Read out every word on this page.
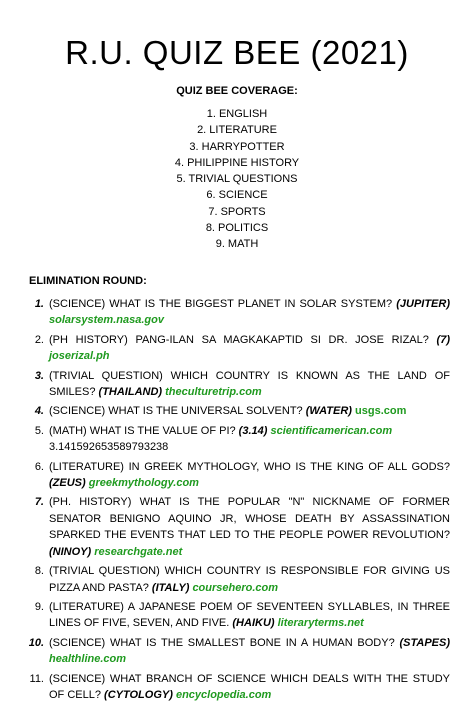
R.U. QUIZ BEE (2021)
QUIZ BEE COVERAGE:
1. ENGLISH
2. LITERATURE
3. HARRYPOTTER
4. PHILIPPINE HISTORY
5. TRIVIAL QUESTIONS
6. SCIENCE
7. SPORTS
8. POLITICS
9. MATH
ELIMINATION ROUND:
1. (SCIENCE) WHAT IS THE BIGGEST PLANET IN SOLAR SYSTEM? (JUPITER) solarsystem.nasa.gov
2. (PH HISTORY) PANG-ILAN SA MAGKAKAPTID SI DR. JOSE RIZAL? (7) joserizal.ph
3. (TRIVIAL QUESTION) WHICH COUNTRY IS KNOWN AS THE LAND OF SMILES? (THAILAND) theculturetrip.com
4. (SCIENCE) WHAT IS THE UNIVERSAL SOLVENT? (WATER) usgs.com
5. (MATH) WHAT IS THE VALUE OF PI? (3.14) scientificamerican.com
3.141592653589793238
6. (LITERATURE) IN GREEK MYTHOLOGY, WHO IS THE KING OF ALL GODS? (ZEUS) greekmythology.com
7. (PH. HISTORY) WHAT IS THE POPULAR "N" NICKNAME OF FORMER SENATOR BENIGNO AQUINO JR, WHOSE DEATH BY ASSASSINATION SPARKED THE EVENTS THAT LED TO THE PEOPLE POWER REVOLUTION? (NINOY) researchgate.net
8. (TRIVIAL QUESTION) WHICH COUNTRY IS RESPONSIBLE FOR GIVING US PIZZA AND PASTA? (ITALY) coursehero.com
9. (LITERATURE) A JAPANESE POEM OF SEVENTEEN SYLLABLES, IN THREE LINES OF FIVE, SEVEN, AND FIVE. (HAIKU) literaryterms.net
10. (SCIENCE) WHAT IS THE SMALLEST BONE IN A HUMAN BODY? (STAPES) healthline.com
11. (SCIENCE) WHAT BRANCH OF SCIENCE WHICH DEALS WITH THE STUDY OF CELL? (CYTOLOGY) encyclopedia.com
